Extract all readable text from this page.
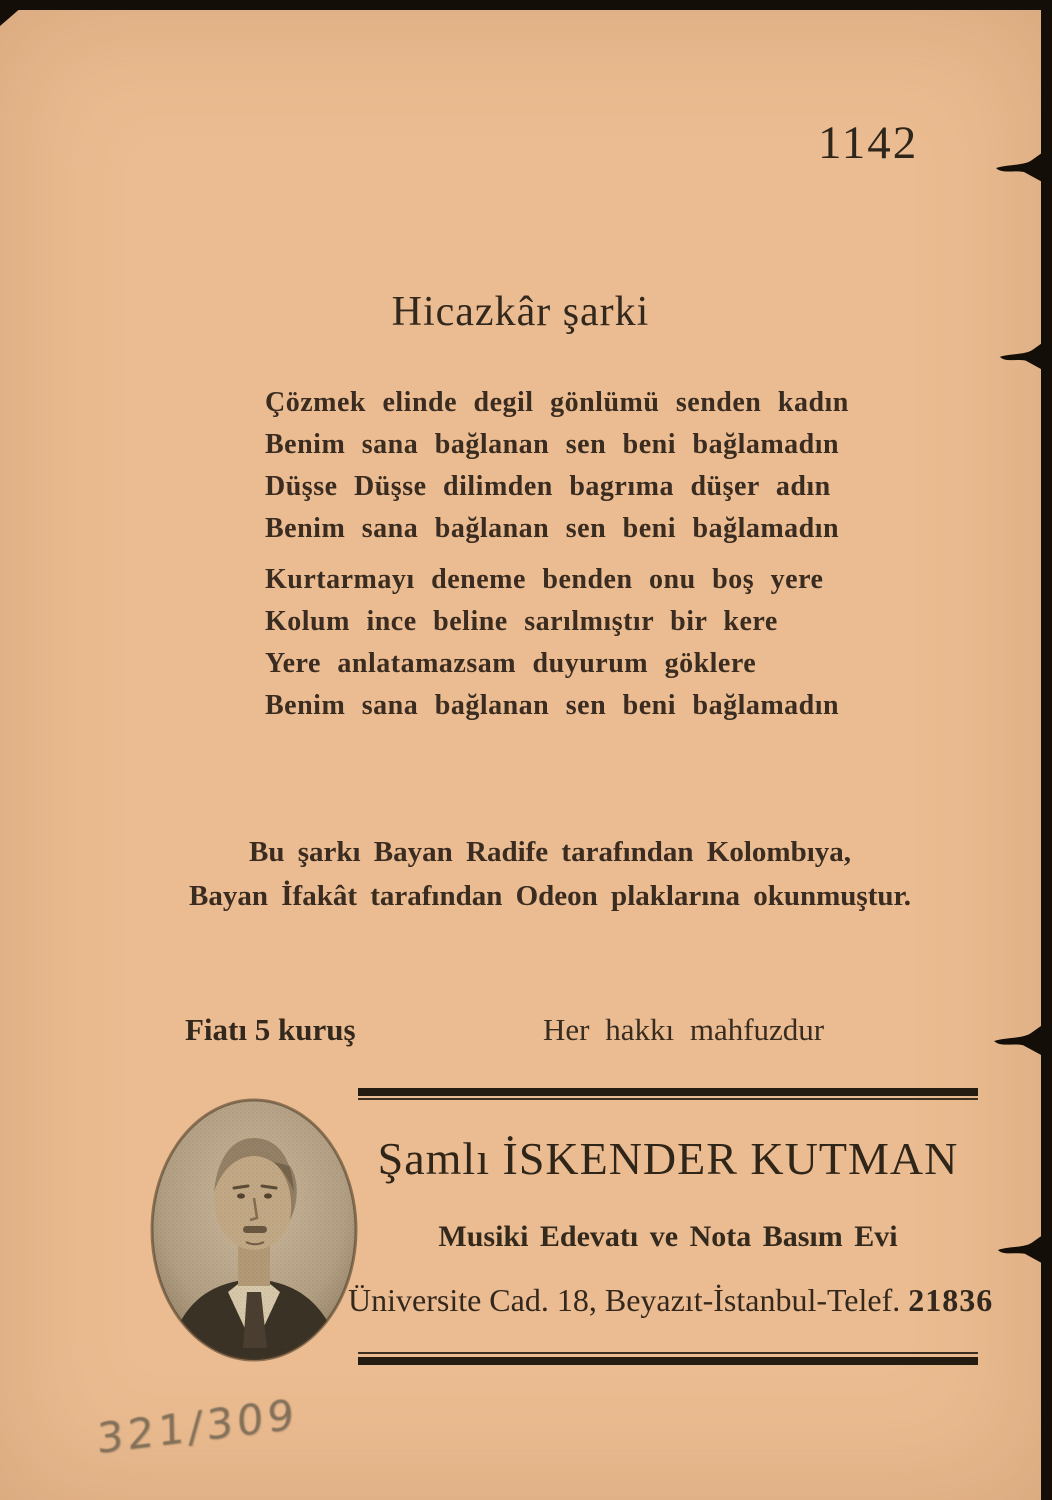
1142
Hicazkâr şarki
Çözmek elinde degil gönlümü senden kadın
Benim sana bağlanan sen beni bağlamadın
Düşse Düşse dilimden bagrıma düşer adın
Benim sana bağlanan sen beni bağlamadın
Kurtarmayı deneme benden onu boş yere
Kolum ince beline sarılmıştır bir kere
Yere anlatamazsam duyurum göklere
Benim sana bağlanan sen beni bağlamadın
Bu şarkı Bayan Radife tarafından Kolombıya,
Bayan İfakât tarafından Odeon plaklarına okunmuştur.
Fiatı 5 kuruş	Her hakkı mahfuzdur
Şamlı İSKENDER KUTMAN
Musiki Edevatı ve Nota Basım Evi
Üniversite Cad. 18, Beyazıt-İstanbul-Telef. 21836
321/309
